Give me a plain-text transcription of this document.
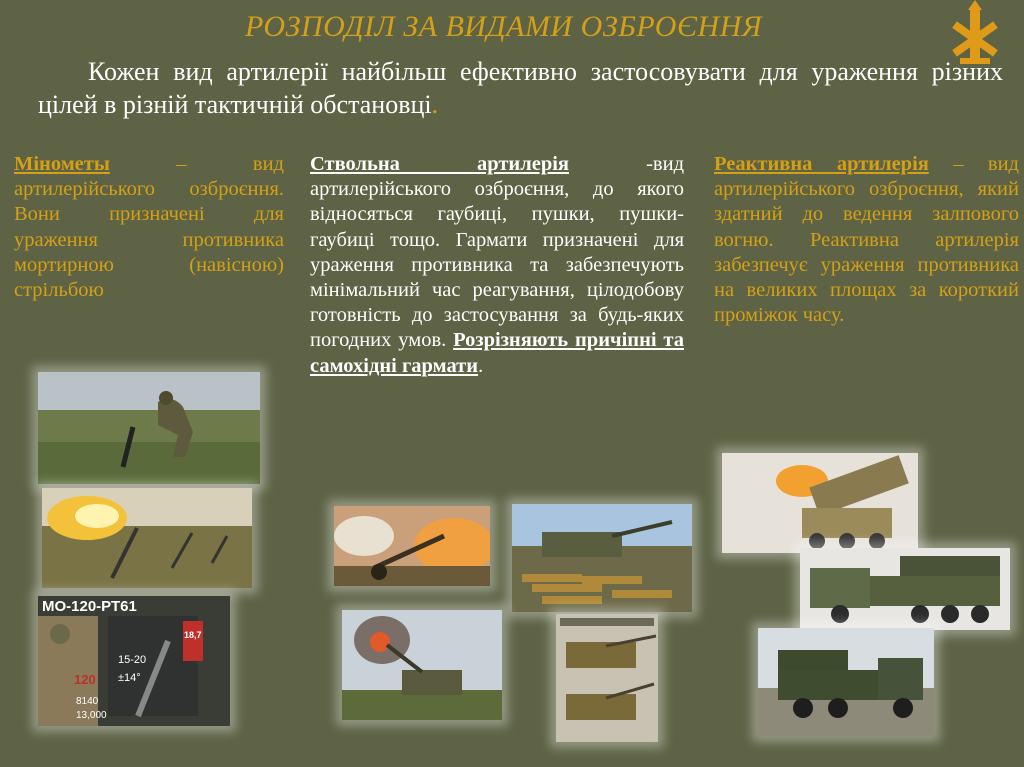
РОЗПОДІЛ ЗА ВИДАМИ ОЗБРОЄННЯ
Кожен вид артилерії найбільш ефективно застосовувати для ураження різних цілей в різній тактичній обстановці.
Мінометы – вид артилерійського озброєння. Вони призначені для ураження противника мортирною (навісною) стрільбою
Ствольна артилерія -вид артилерійського озброєння, до якого відносяться гаубиці, пушки, пушки-гаубиці тощо. Гармати призначені для ураження противника та забезпечують мінімальний час реагування, цілодобову готовність до застосування за будь-яких погодних умов. Розрізняють причіпні та самохідні гармати.
Реактивна артилерія – вид артилерійського озброєння, який здатний до ведення залпового вогню. Реактивна артилерія забезпечує ураження противника на великих площах за короткий проміжок часу.
МО-120-РТ61
120
15-20
±14°
8140
13,000
18,7
